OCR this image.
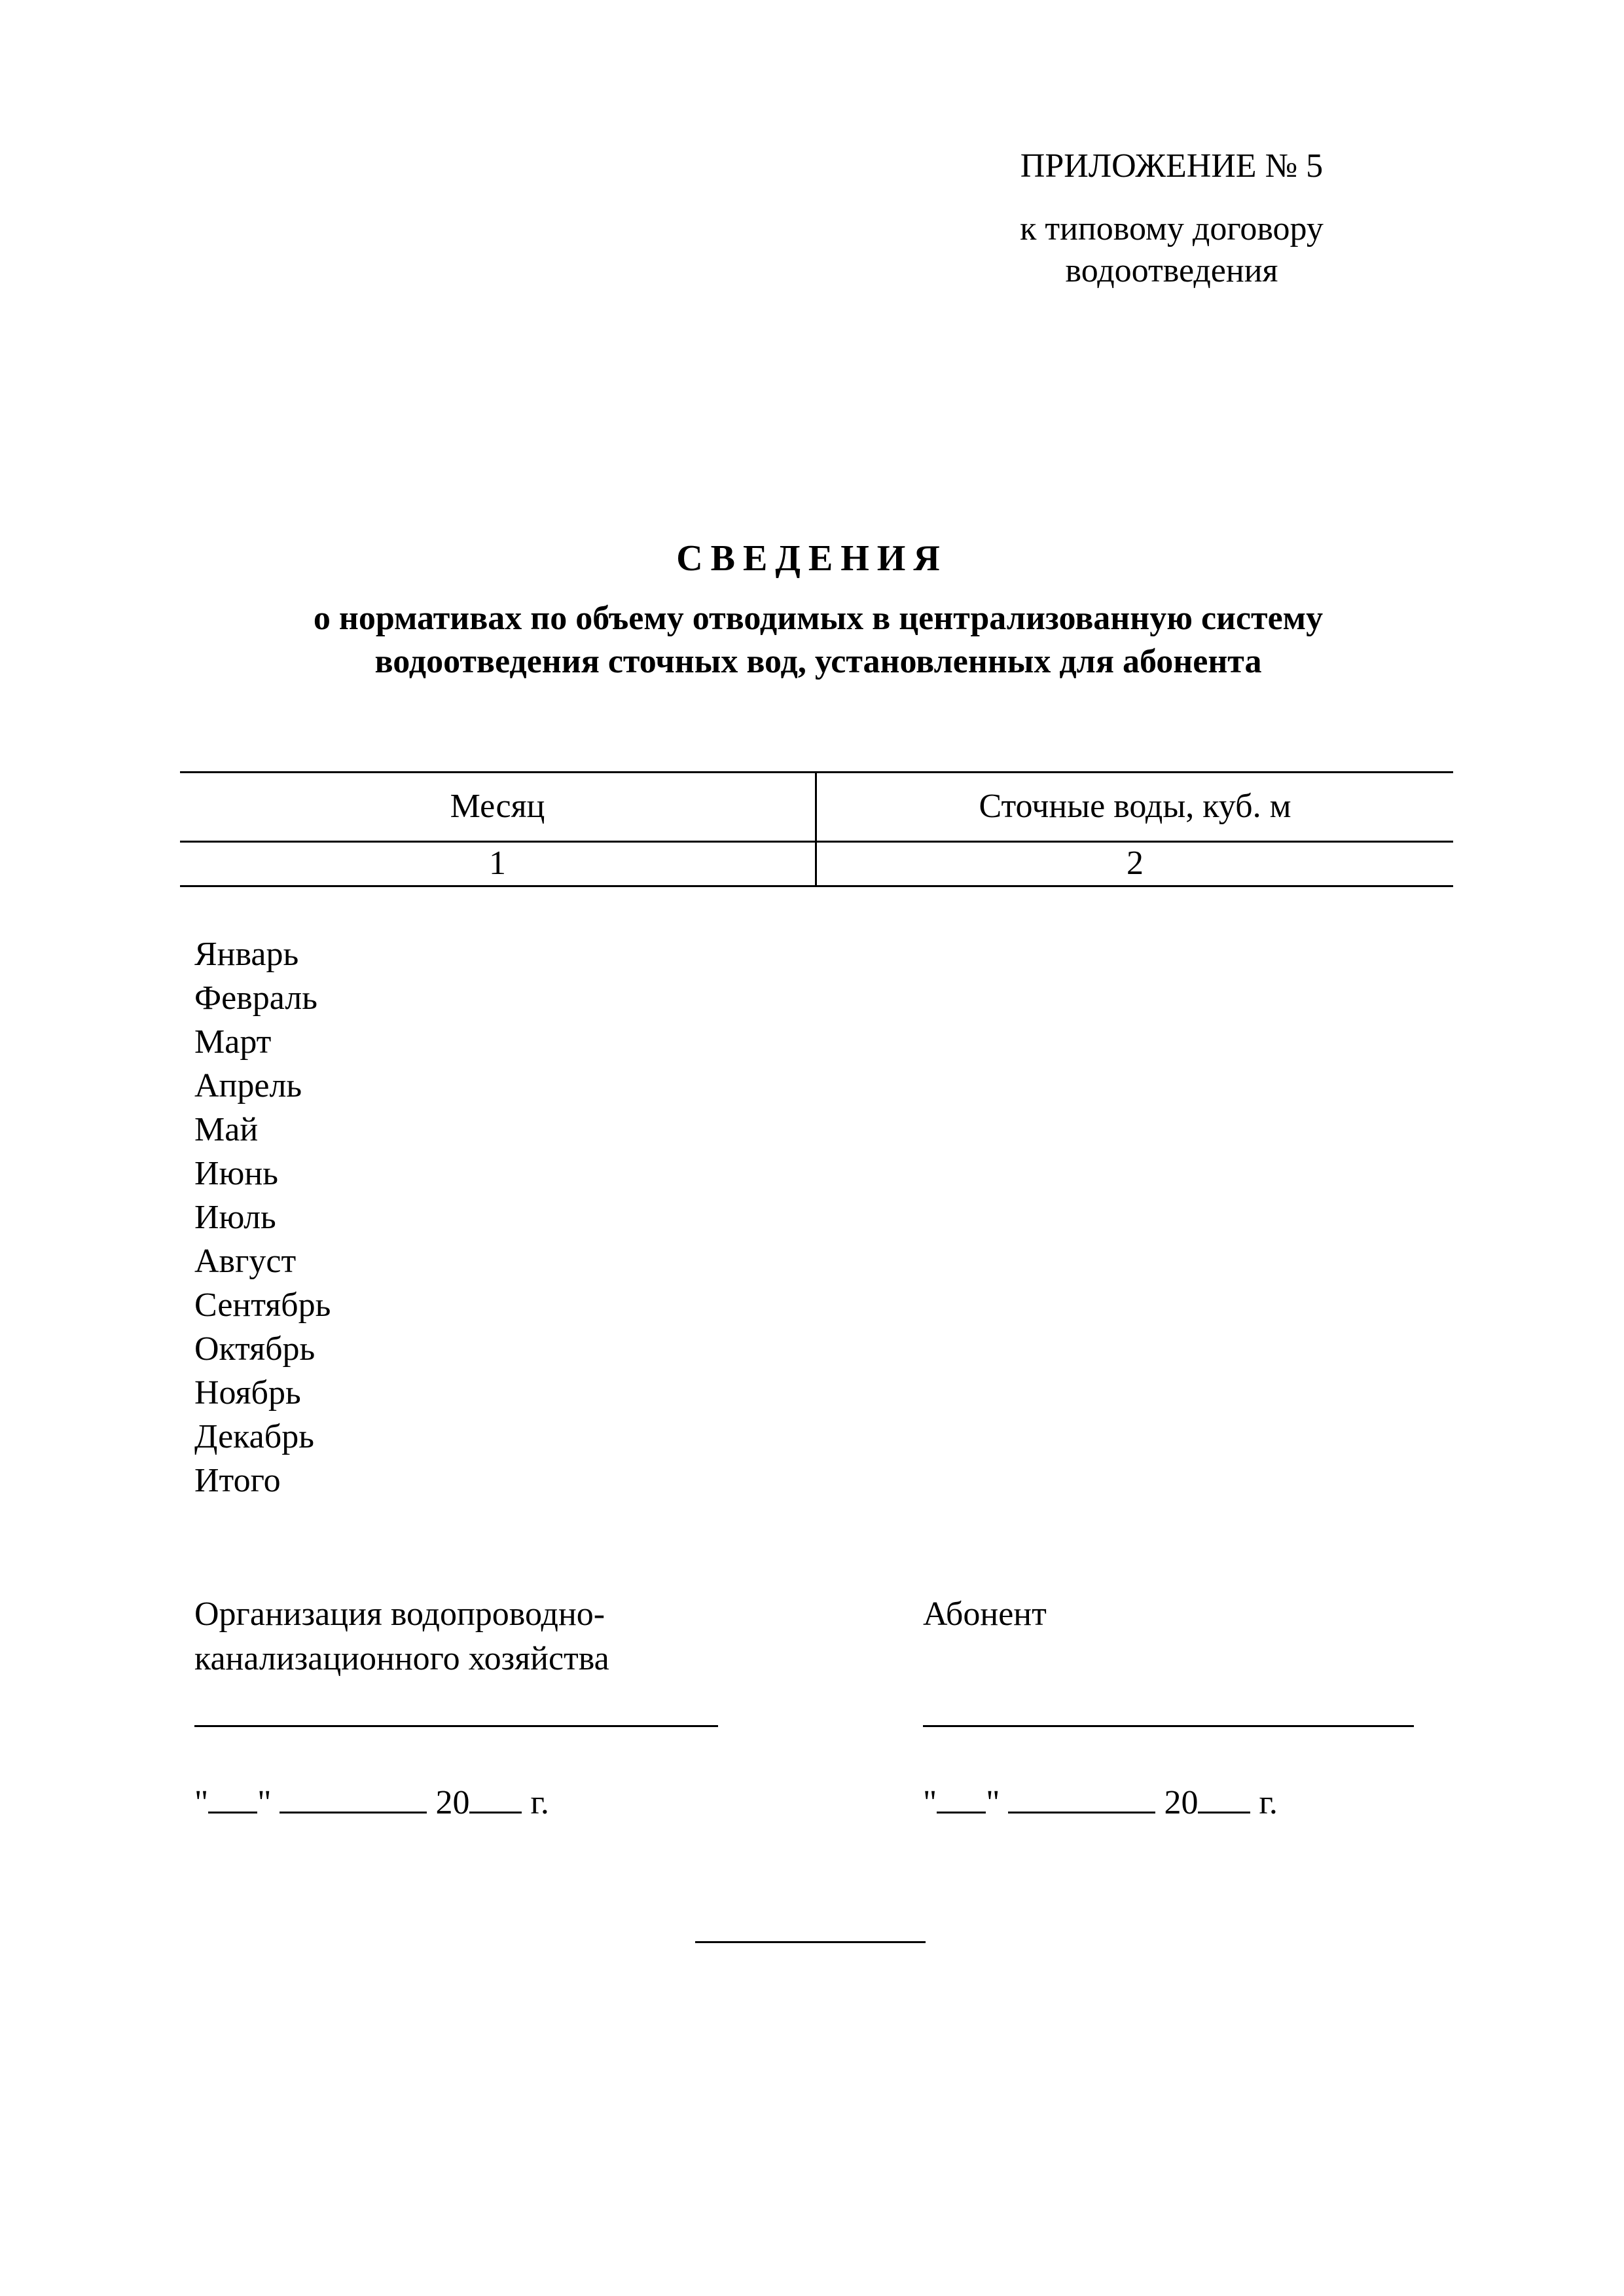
ПРИЛОЖЕНИЕ № 5
к типовому договору
водоотведения
СВЕДЕНИЯ
о нормативах по объему отводимых в централизованную систему
водоотведения сточных вод, установленных для абонента
Месяц	Сточные воды, куб. м
1	2
Январь
Февраль
Март
Апрель
Май
Июнь
Июль
Август
Сентябрь
Октябрь
Ноябрь
Декабрь
Итого
Организация водопроводно-
канализационного хозяйства
Абонент
" "	20 г.	" "	20 г.
